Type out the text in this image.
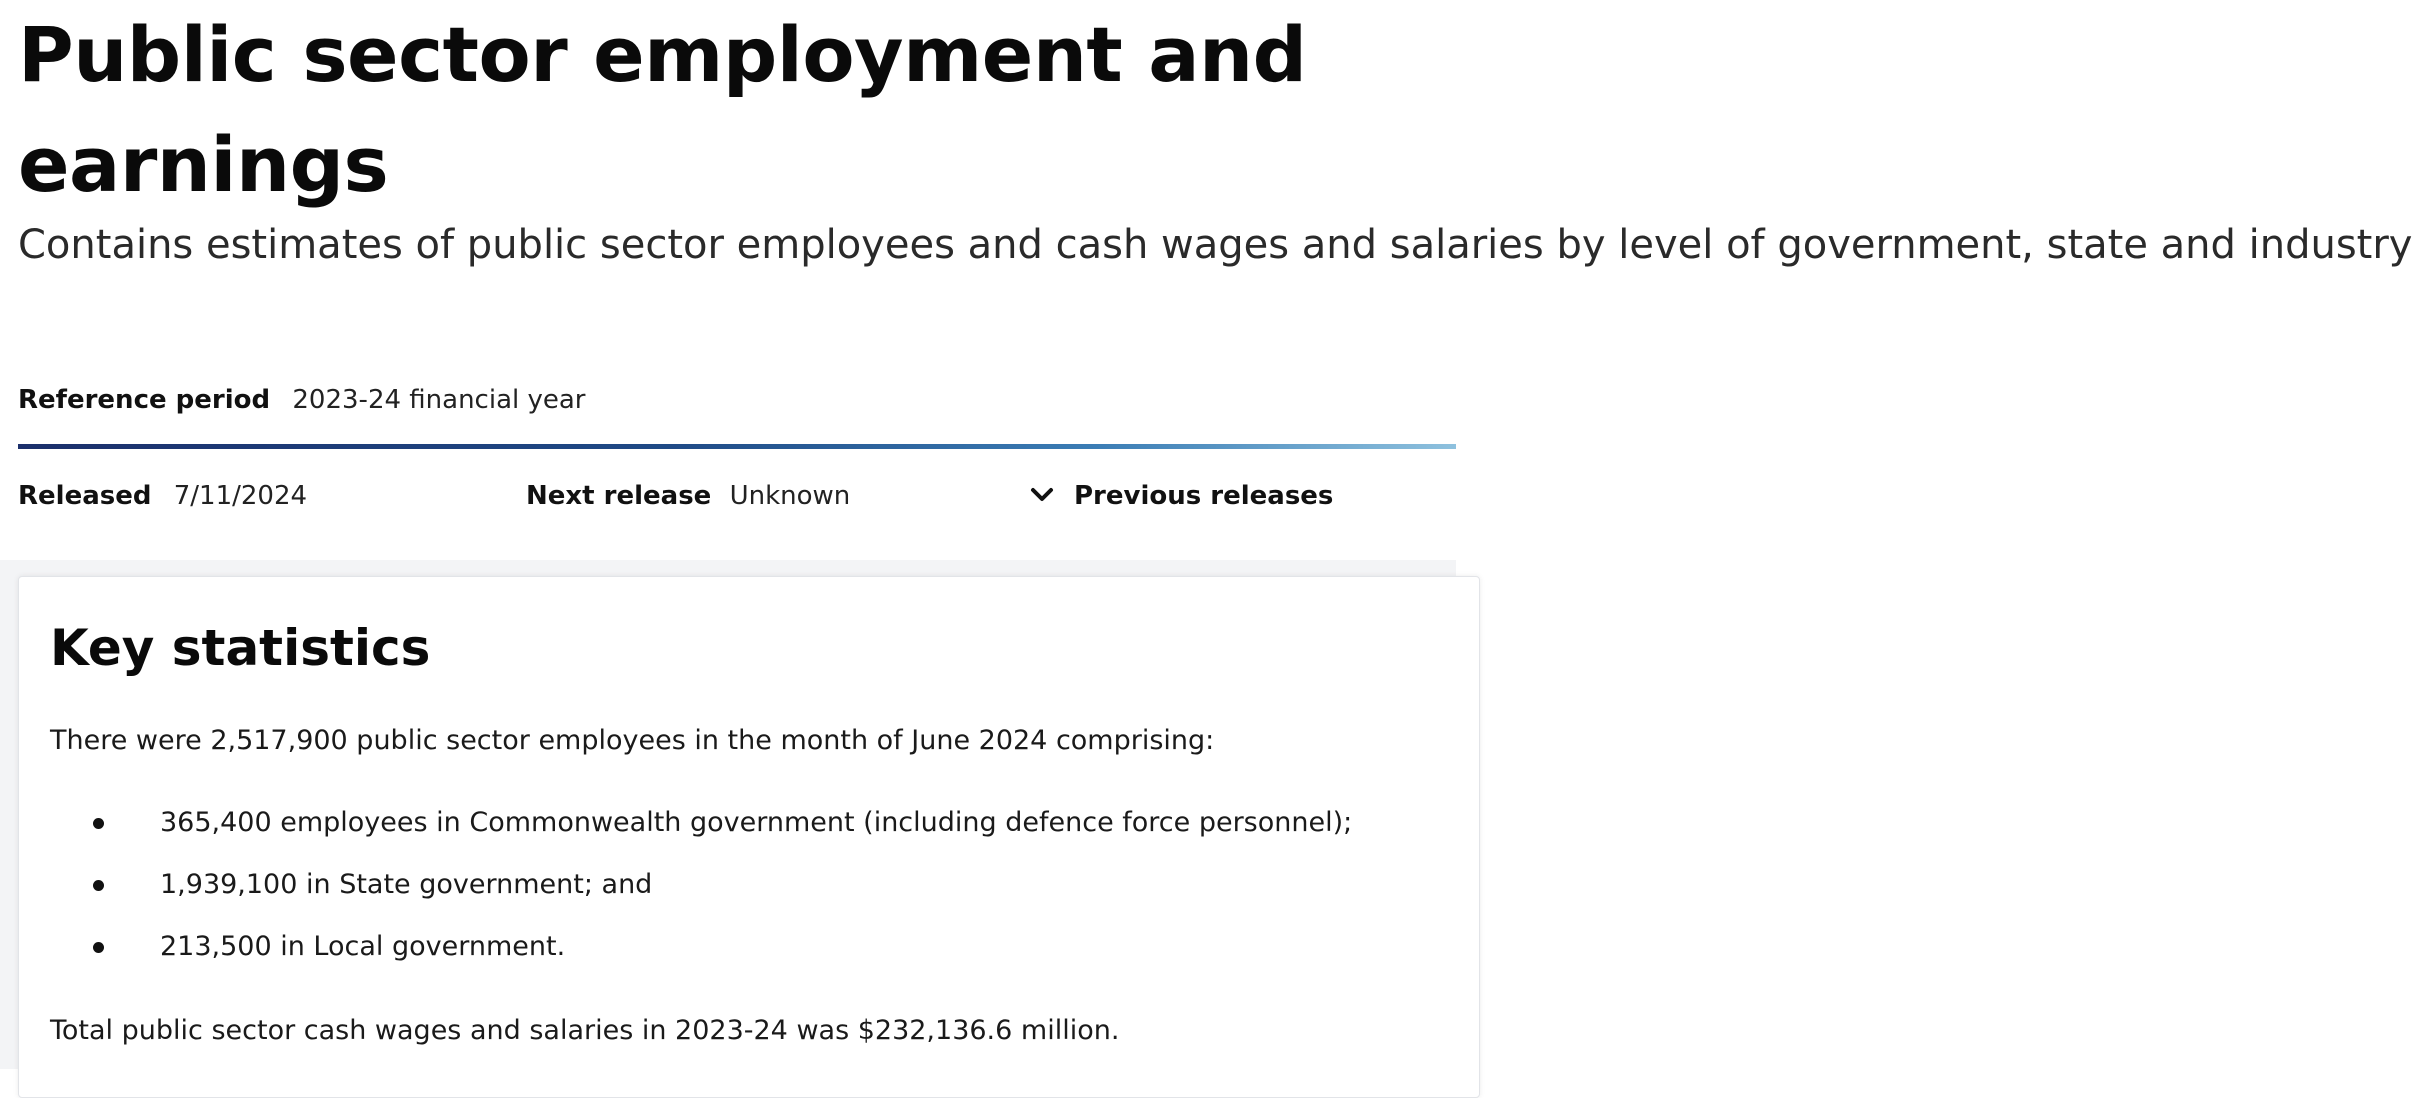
Public sector employment and earnings

Contains estimates of public sector employees and cash wages and salaries by level of government, state and industry

Reference period 2023-24 financial year
Released 7/11/2024	Next release Unknown	Previous releases
Key statistics
There were 2,517,900 public sector employees in the month of June 2024 comprising:
365,400 employees in Commonwealth government (including defence force personnel);
1,939,100 in State government; and
213,500 in Local government.
Total public sector cash wages and salaries in 2023-24 was $232,136.6 million.
